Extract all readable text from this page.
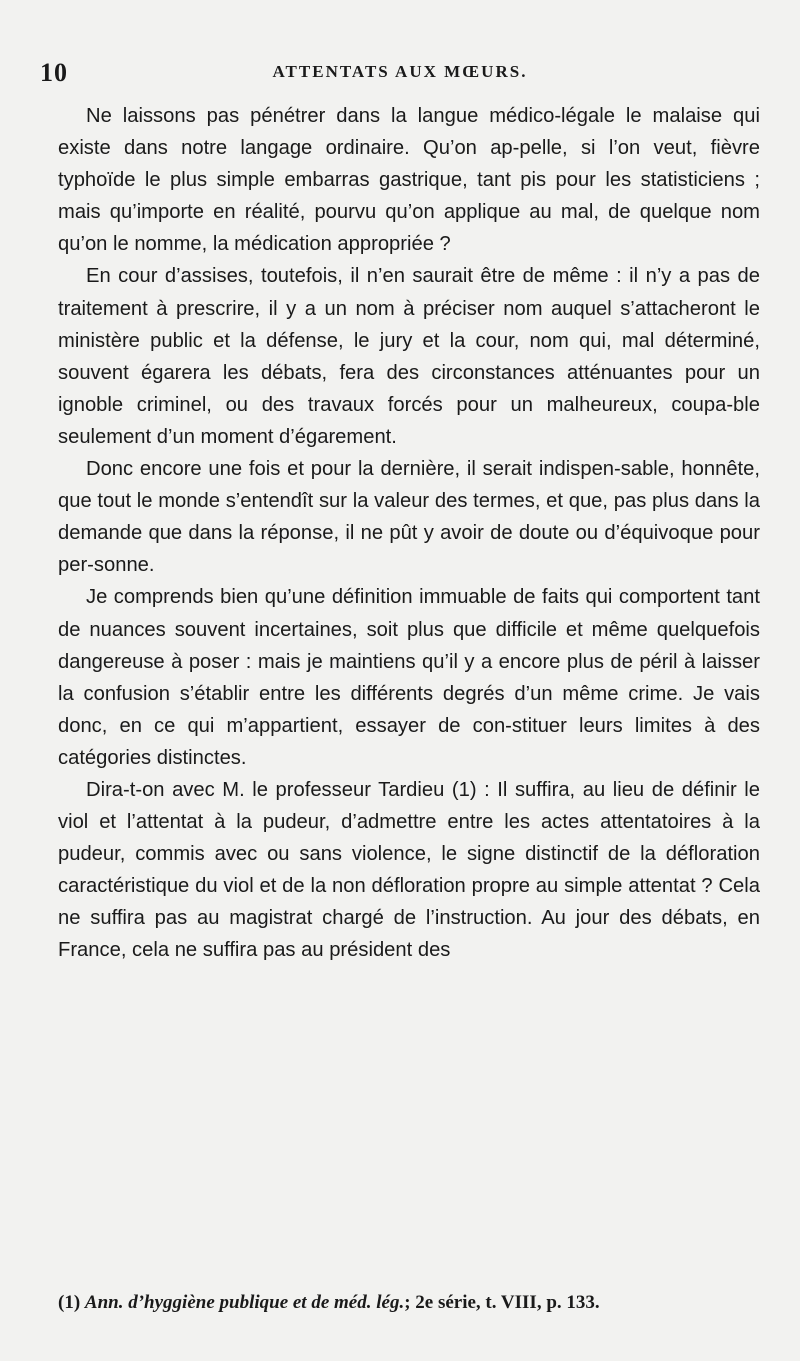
10	ATTENTATS AUX MŒURS.

Ne laissons pas pénétrer dans la langue médico-légale le malaise qui existe dans notre langage ordinaire. Qu’on ap-pelle, si l’on veut, fièvre typhoïde le plus simple embarras gastrique, tant pis pour les statisticiens ; mais qu’importe en réalité, pourvu qu’on applique au mal, de quelque nom qu’on le nomme, la médication appropriée ?

En cour d’assises, toutefois, il n’en saurait être de même : il n’y a pas de traitement à prescrire, il y a un nom à préciser nom auquel s’attacheront le ministère public et la défense, le jury et la cour, nom qui, mal déterminé, souvent égarera les débats, fera des circonstances atténuantes pour un ignoble criminel, ou des travaux forcés pour un malheureux, coupa-ble seulement d’un moment d’égarement.

Donc encore une fois et pour la dernière, il serait indispen-sable, honnête, que tout le monde s’entendît sur la valeur des termes, et que, pas plus dans la demande que dans la réponse, il ne pût y avoir de doute ou d’équivoque pour per-sonne.

Je comprends bien qu’une définition immuable de faits qui comportent tant de nuances souvent incertaines, soit plus que difficile et même quelquefois dangereuse à poser : mais je maintiens qu’il y a encore plus de péril à laisser la confusion s’établir entre les différents degrés d’un même crime. Je vais donc, en ce qui m’appartient, essayer de con-stituer leurs limites à des catégories distinctes.

Dira-t-on avec M. le professeur Tardieu (1) : Il suffira, au lieu de définir le viol et l’attentat à la pudeur, d’admettre entre les actes attentatoires à la pudeur, commis avec ou sans violence, le signe distinctif de la défloration caractéristique du viol et de la non défloration propre au simple attentat ? Cela ne suffira pas au magistrat chargé de l’instruction. Au jour des débats, en France, cela ne suffira pas au président des

(1) Ann. d’hyggiène publique et de méd. lég.; 2e série, t. VIII, p. 133.
